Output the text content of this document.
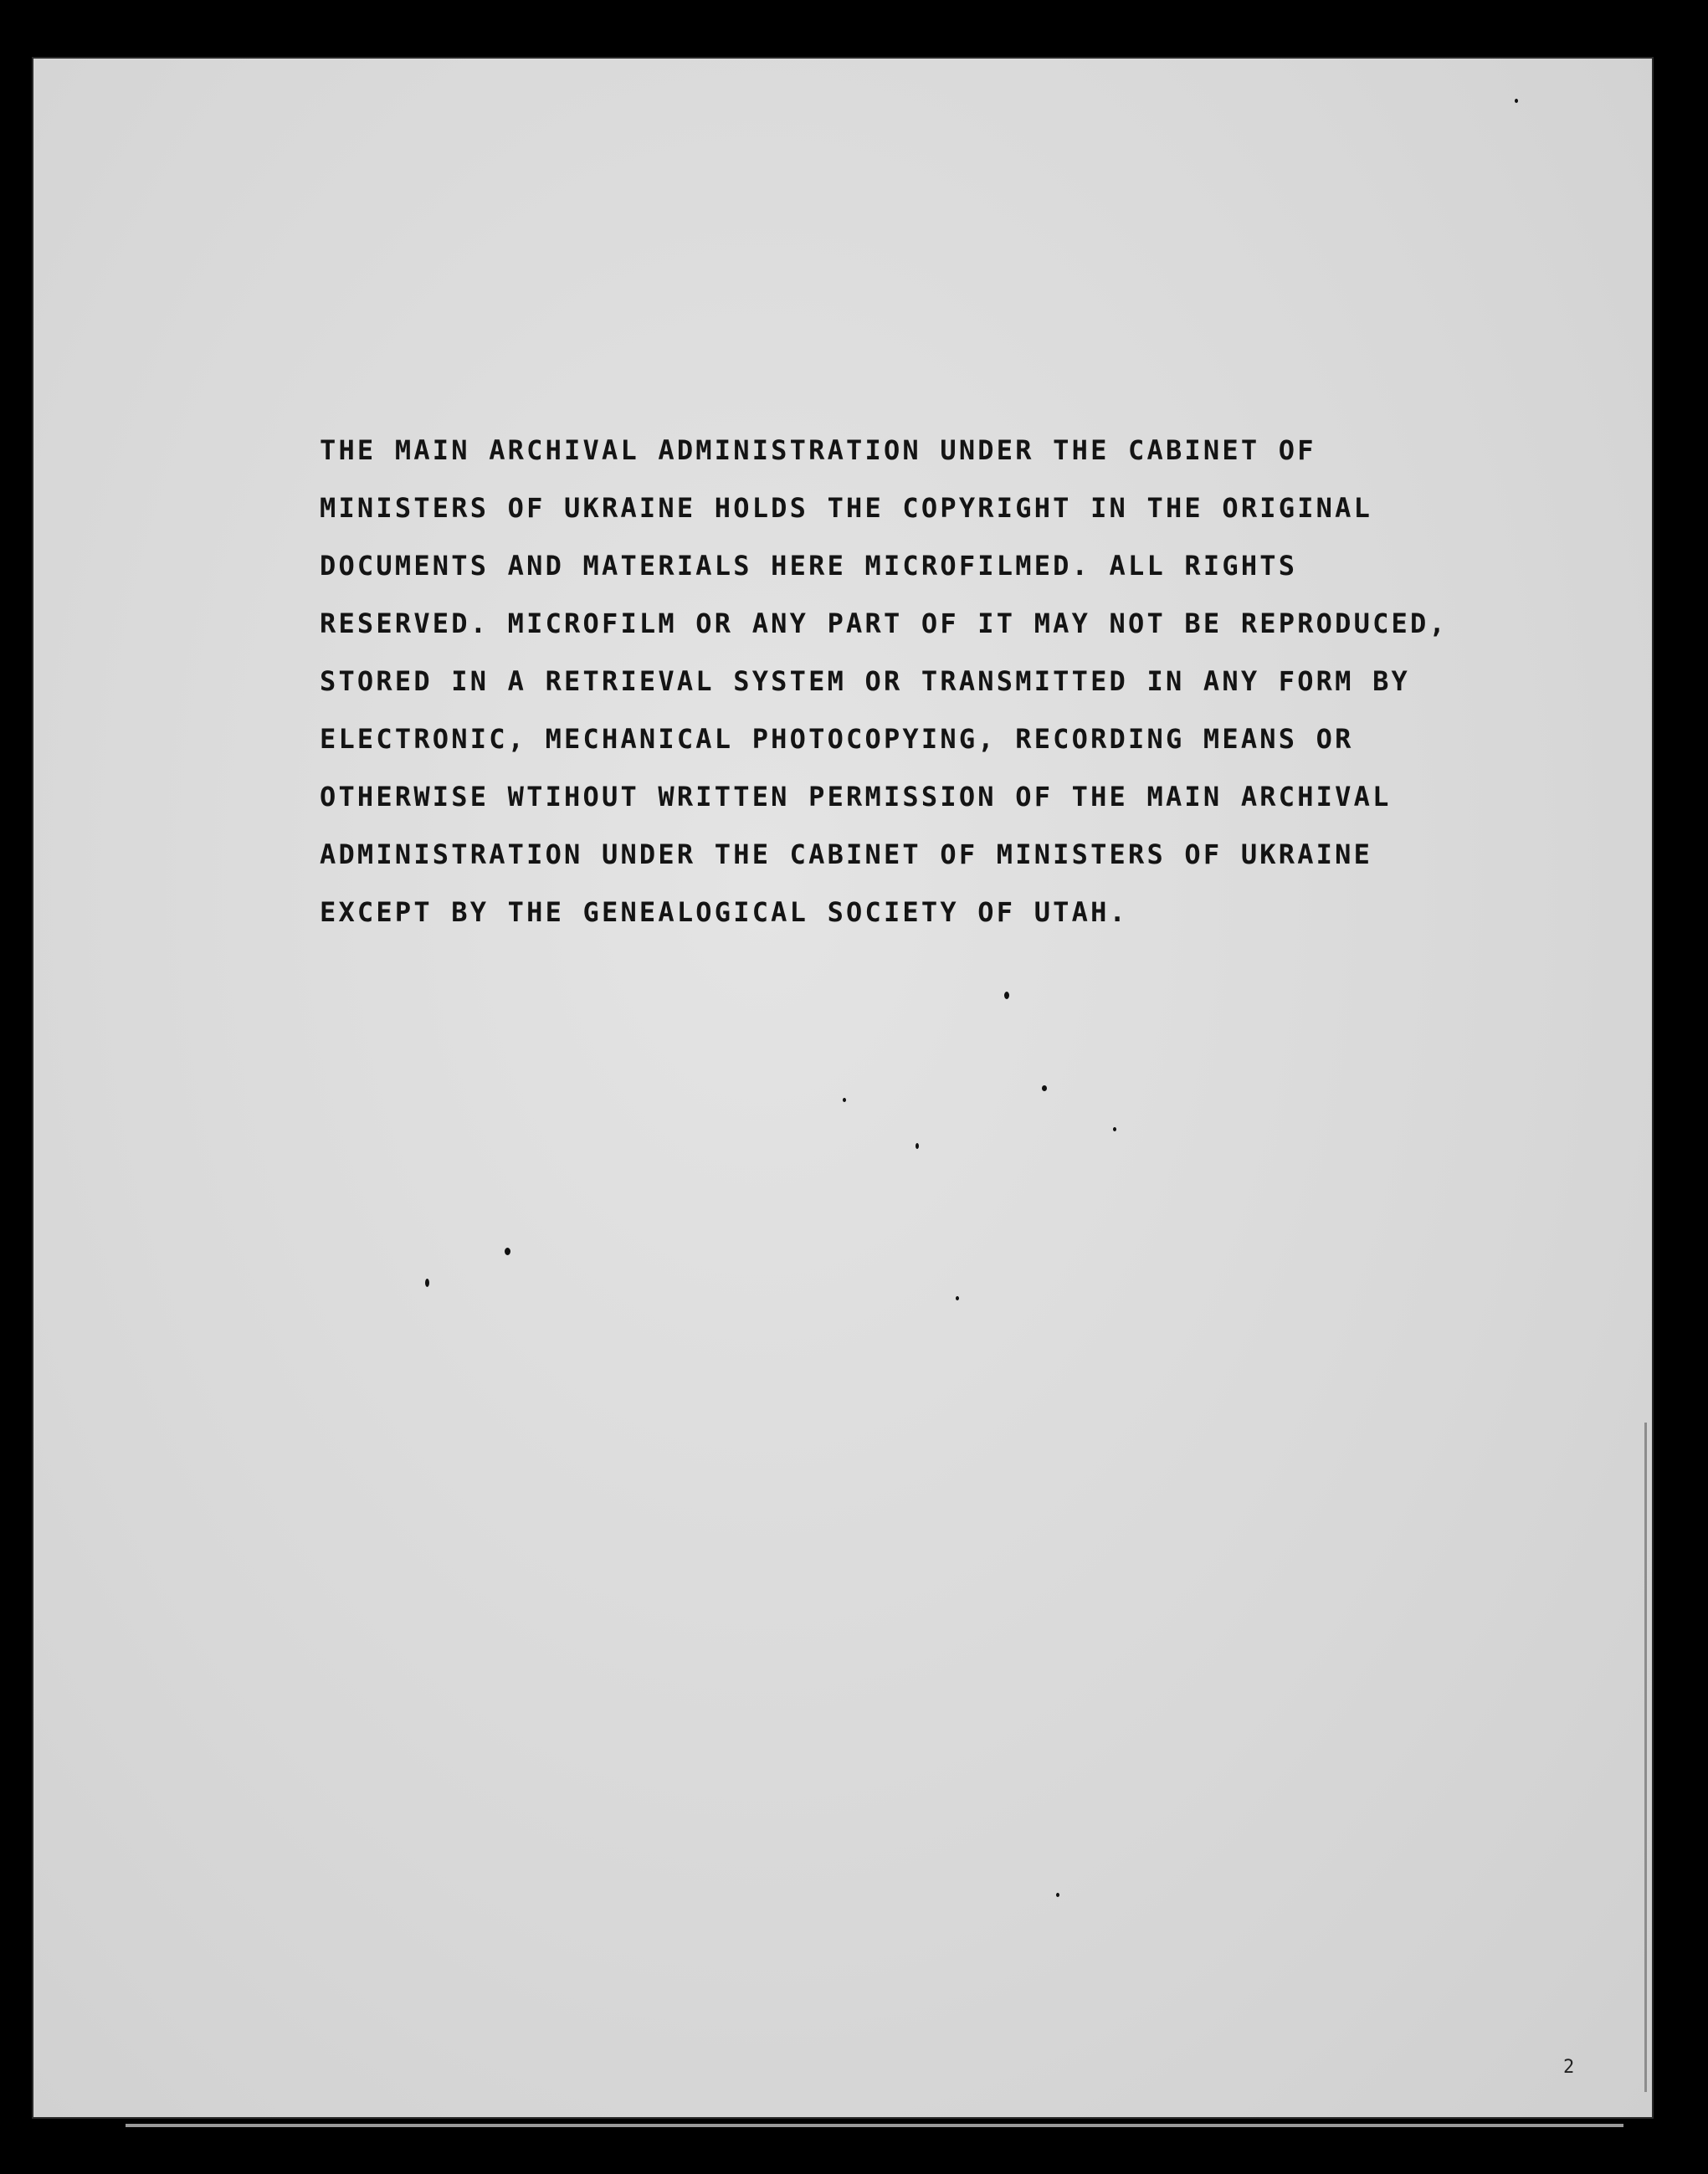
THE MAIN ARCHIVAL ADMINISTRATION UNDER THE CABINET OF
MINISTERS OF UKRAINE HOLDS THE COPYRIGHT IN THE ORIGINAL
DOCUMENTS AND MATERIALS HERE MICROFILMED. ALL RIGHTS
RESERVED. MICROFILM OR ANY PART OF IT MAY NOT BE REPRODUCED,
STORED IN A RETRIEVAL SYSTEM OR TRANSMITTED IN ANY FORM BY
ELECTRONIC, MECHANICAL PHOTOCOPYING, RECORDING MEANS OR
OTHERWISE WTIHOUT WRITTEN PERMISSION OF THE MAIN ARCHIVAL
ADMINISTRATION UNDER THE CABINET OF MINISTERS OF UKRAINE
EXCEPT BY THE GENEALOGICAL SOCIETY OF UTAH.
2
